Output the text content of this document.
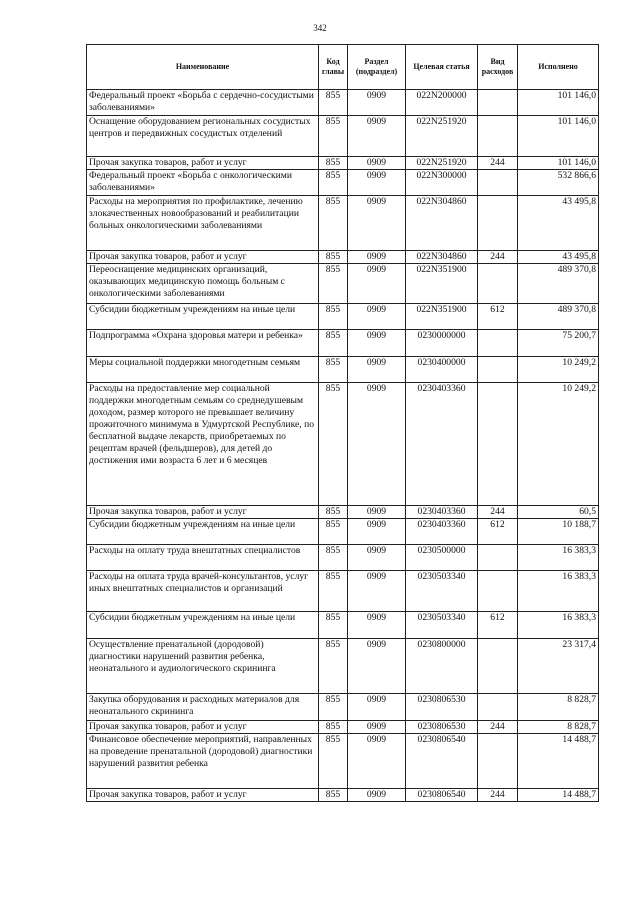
342
Наименование	Код главы	Раздел (подраздел)	Целевая статья	Вид расходов	Исполнено
Федеральный проект «Борьба с сердечно-сосудистыми заболеваниями»	855	0909	022N200000		101 146,0
Оснащение оборудованием региональных сосудистых центров и передвижных сосудистых отделений	855	0909	022N251920		101 146,0
Прочая закупка товаров, работ и услуг	855	0909	022N251920	244	101 146,0
Федеральный проект «Борьба с онкологическими заболеваниями»	855	0909	022N300000		532 866,6
Расходы на мероприятия по профилактике, лечению злокачественных новообразований и реабилитации больных онкологическими заболеваниями	855	0909	022N304860		43 495,8
Прочая закупка товаров, работ и услуг	855	0909	022N304860	244	43 495,8
Переоснащение медицинских организаций, оказывающих медицинскую помощь больным с онкологическими заболеваниями	855	0909	022N351900		489 370,8
Субсидии бюджетным учреждениям на иные цели	855	0909	022N351900	612	489 370,8
Подпрограмма «Охрана здоровья матери и ребенка»	855	0909	0230000000		75 200,7
Меры социальной поддержки многодетным семьям	855	0909	0230400000		10 249,2
Расходы на предоставление мер социальной поддержки многодетным семьям со среднедушевым доходом, размер которого не превышает величину прожиточного минимума в Удмуртской Республике, по бесплатной выдаче лекарств, приобретаемых по рецептам врачей (фельдшеров), для детей до достижения ими возраста 6 лет и 6 месяцев	855	0909	0230403360		10 249,2
Прочая закупка товаров, работ и услуг	855	0909	0230403360	244	60,5
Субсидии бюджетным учреждениям на иные цели	855	0909	0230403360	612	10 188,7
Расходы на оплату труда внештатных специалистов	855	0909	0230500000		16 383,3
Расходы на оплата труда врачей-консультантов, услуг иных внештатных специалистов и организаций	855	0909	0230503340		16 383,3
Субсидии бюджетным учреждениям на иные цели	855	0909	0230503340	612	16 383,3
Осуществление пренатальной (дородовой) диагностики нарушений развития ребенка, неонатального и аудиологического скрининга	855	0909	0230800000		23 317,4
Закупка оборудования и расходных материалов для неонатального скрининга	855	0909	0230806530		8 828,7
Прочая закупка товаров, работ и услуг	855	0909	0230806530	244	8 828,7
Финансовое обеспечение мероприятий, направленных на проведение пренатальной (дородовой) диагностики нарушений развития ребенка	855	0909	0230806540		14 488,7
Прочая закупка товаров, работ и услуг	855	0909	0230806540	244	14 488,7
